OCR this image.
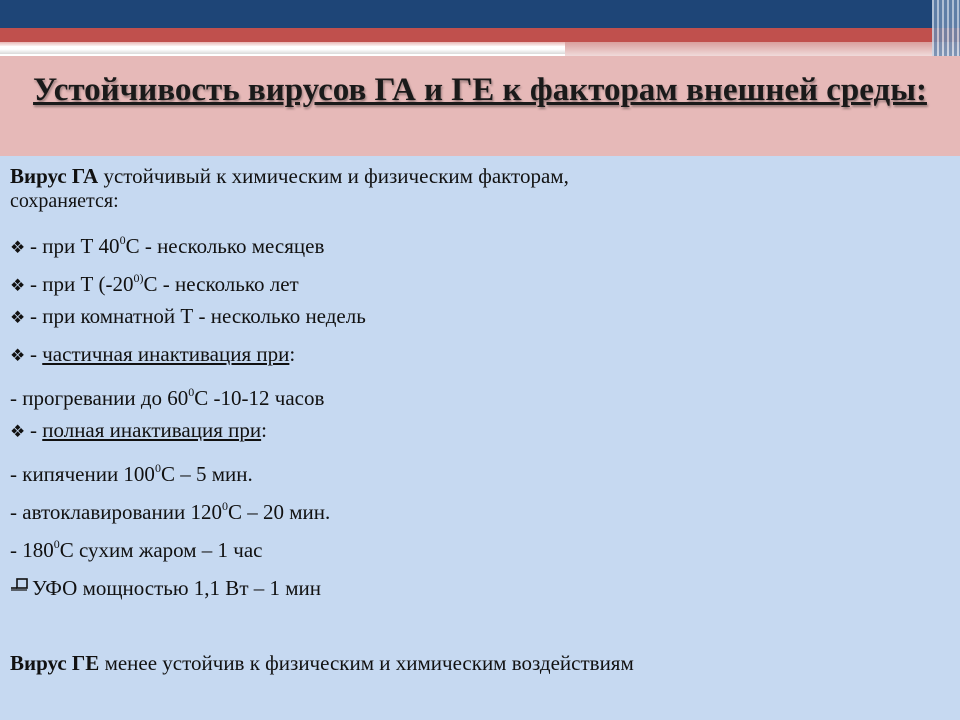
Устойчивость вирусов ГА и ГЕ к факторам внешней среды:
Вирус ГА устойчивый к химическим и физическим факторам,
сохраняется:
❖ - при Т $40^0С$ - несколько месяцев
❖ - при Т (-20$^{0)}$С - несколько лет
❖ - при комнатной Т - несколько недель
❖ - частичная инактивация при:
- прогревании до $60^0С$ -10-12 часов
❖ - полная инактивация при:
- кипячении $100^0С - 5$ мин.
- автоклавировании $120^0С - 20$ мин.
- $180^0С$ сухим жаром – 1 час
УФО мощностью 1,1 Вт – 1 мин
Вирус ГЕ менее устойчив к физическим и химическим воздействиям
